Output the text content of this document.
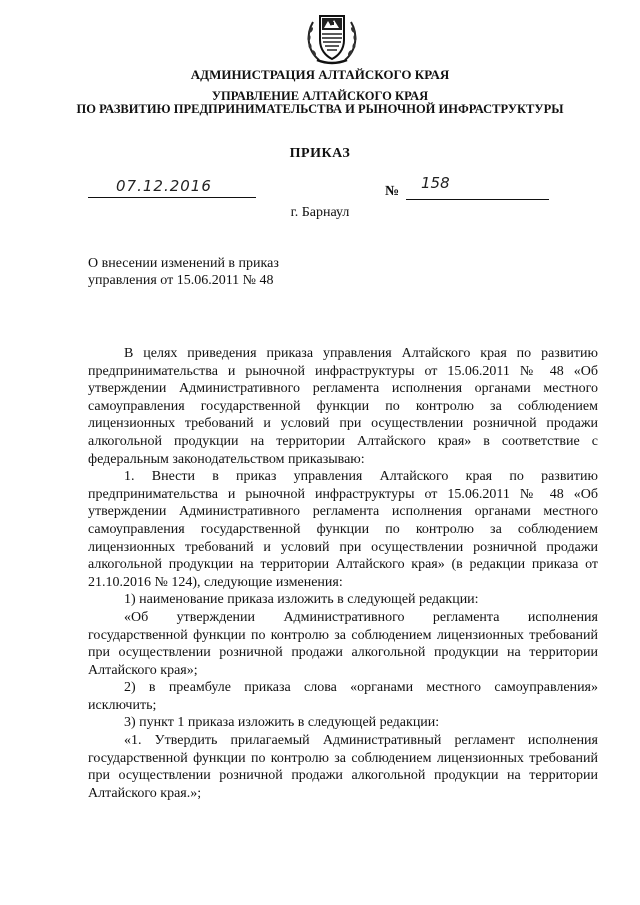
АДМИНИСТРАЦИЯ АЛТАЙСКОГО КРАЯ
УПРАВЛЕНИЕ АЛТАЙСКОГО КРАЯ
ПО РАЗВИТИЮ ПРЕДПРИНИМАТЕЛЬСТВА И РЫНОЧНОЙ ИНФРАСТРУКТУРЫ
ПРИКАЗ
07.12.2016	№ 158
г. Барнаул
О внесении изменений в приказ
управления от 15.06.2011 № 48

В целях приведения приказа управления Алтайского края по развитию предпринимательства и рыночной инфраструктуры от 15.06.2011 № 48 «Об утверждении Административного регламента исполнения органами местного самоуправления государственной функции по контролю за соблюдением лицензионных требований и условий при осуществлении розничной продажи алкогольной продукции на территории Алтайского края» в соответствие с федеральным законодательством приказываю:

1. Внести в приказ управления Алтайского края по развитию предпринимательства и рыночной инфраструктуры от 15.06.2011 № 48 «Об утверждении Административного регламента исполнения органами местного самоуправления государственной функции по контролю за соблюдением лицензионных требований и условий при осуществлении розничной продажи алкогольной продукции на территории Алтайского края» (в редакции приказа от 21.10.2016 № 124), следующие изменения:

1) наименование приказа изложить в следующей редакции:

«Об утверждении Административного регламента исполнения государственной функции по контролю за соблюдением лицензионных требований при осуществлении розничной продажи алкогольной продукции на территории Алтайского края»;

2) в преамбуле приказа слова «органами местного самоуправления» исключить;

3) пункт 1 приказа изложить в следующей редакции:

«1. Утвердить прилагаемый Административный регламент исполнения государственной функции по контролю за соблюдением лицензионных требований при осуществлении розничной продажи алкогольной продукции на территории Алтайского края.»;
